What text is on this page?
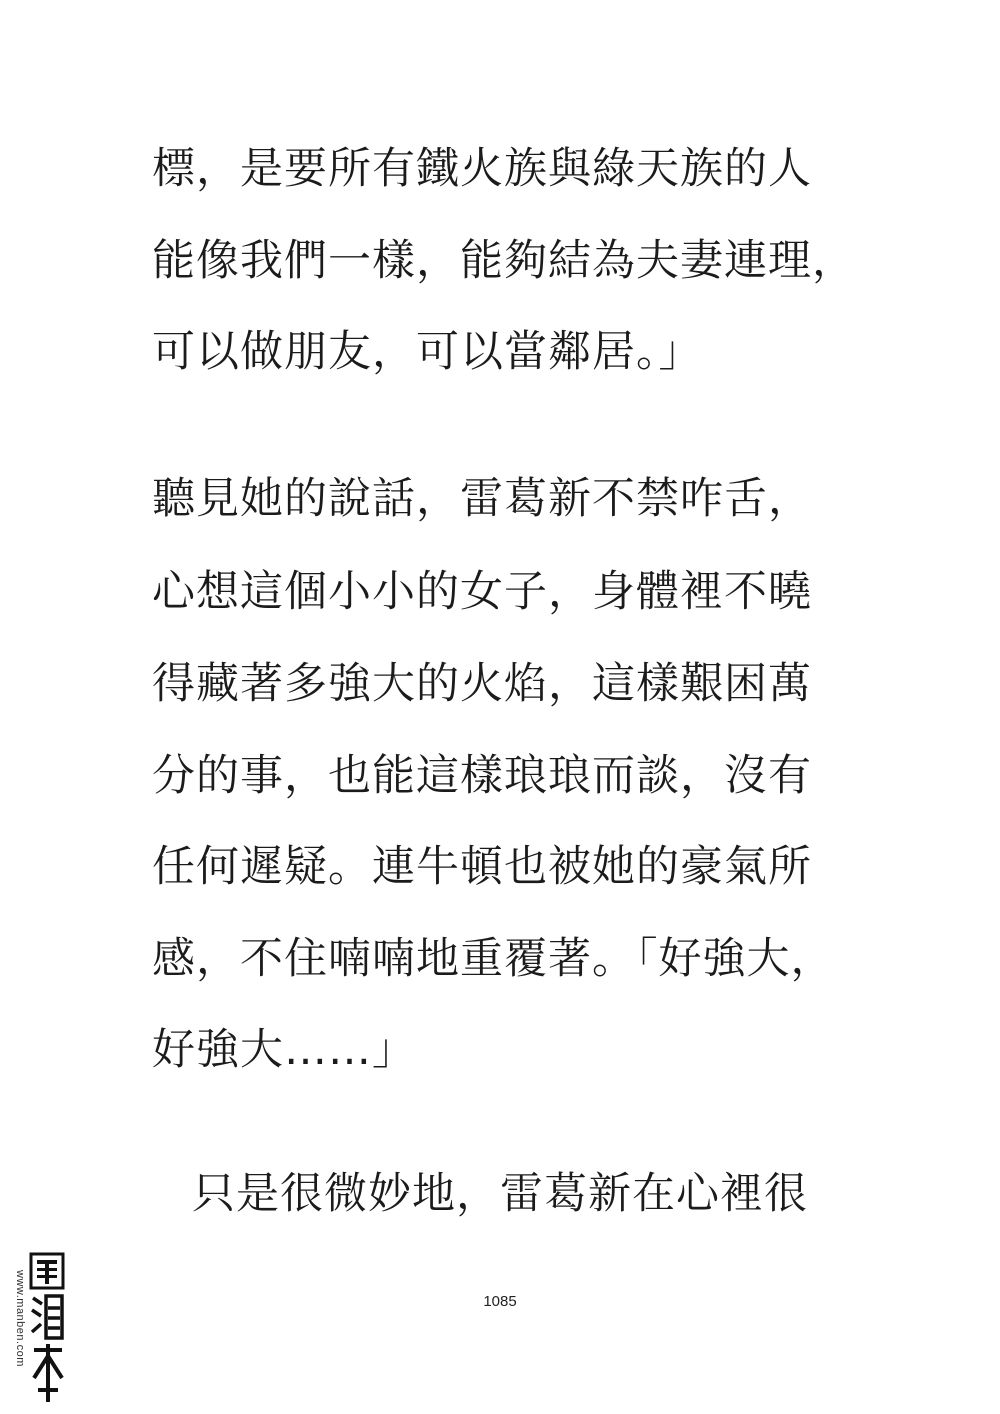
標，是要所有鐵火族與綠天族的人
能像我們一樣，能夠結為夫妻連理，
可以做朋友，可以當鄰居。」
聽見她的說話，雷葛新不禁咋舌，
心想這個小小的女子，身體裡不曉
得藏著多強大的火焰，這樣艱困萬
分的事，也能這樣琅琅而談，沒有
任何遲疑。連牛頓也被她的豪氣所
感，不住喃喃地重覆著。「好強大，
好強大……」
只是很微妙地，雷葛新在心裡很
1085
www.manben.com
